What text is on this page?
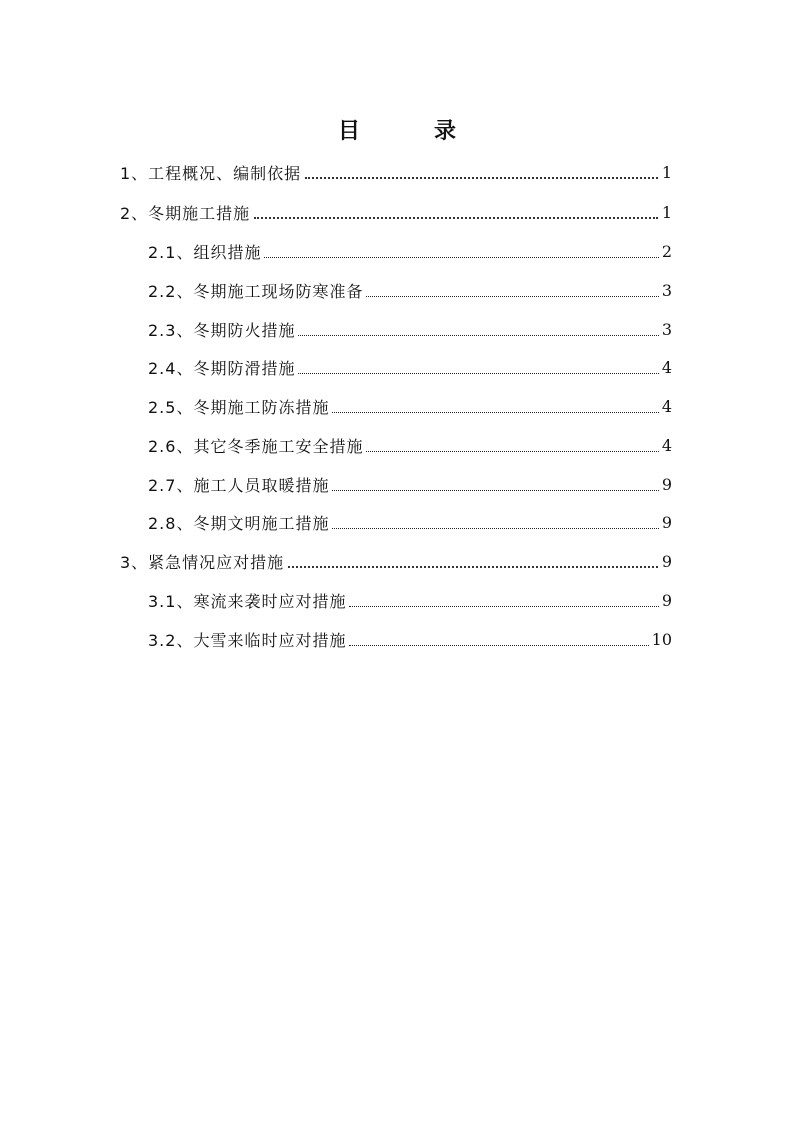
目　录
1、工程概况、编制依据	1
2、冬期施工措施	1
2.1、组织措施	2
2.2、冬期施工现场防寒准备	3
2.3、冬期防火措施	3
2.4、冬期防滑措施	4
2.5、冬期施工防冻措施	4
2.6、其它冬季施工安全措施	4
2.7、施工人员取暖措施	9
2.8、冬期文明施工措施	9
3、紧急情况应对措施	9
3.1、寒流来袭时应对措施	9
3.2、大雪来临时应对措施	10
